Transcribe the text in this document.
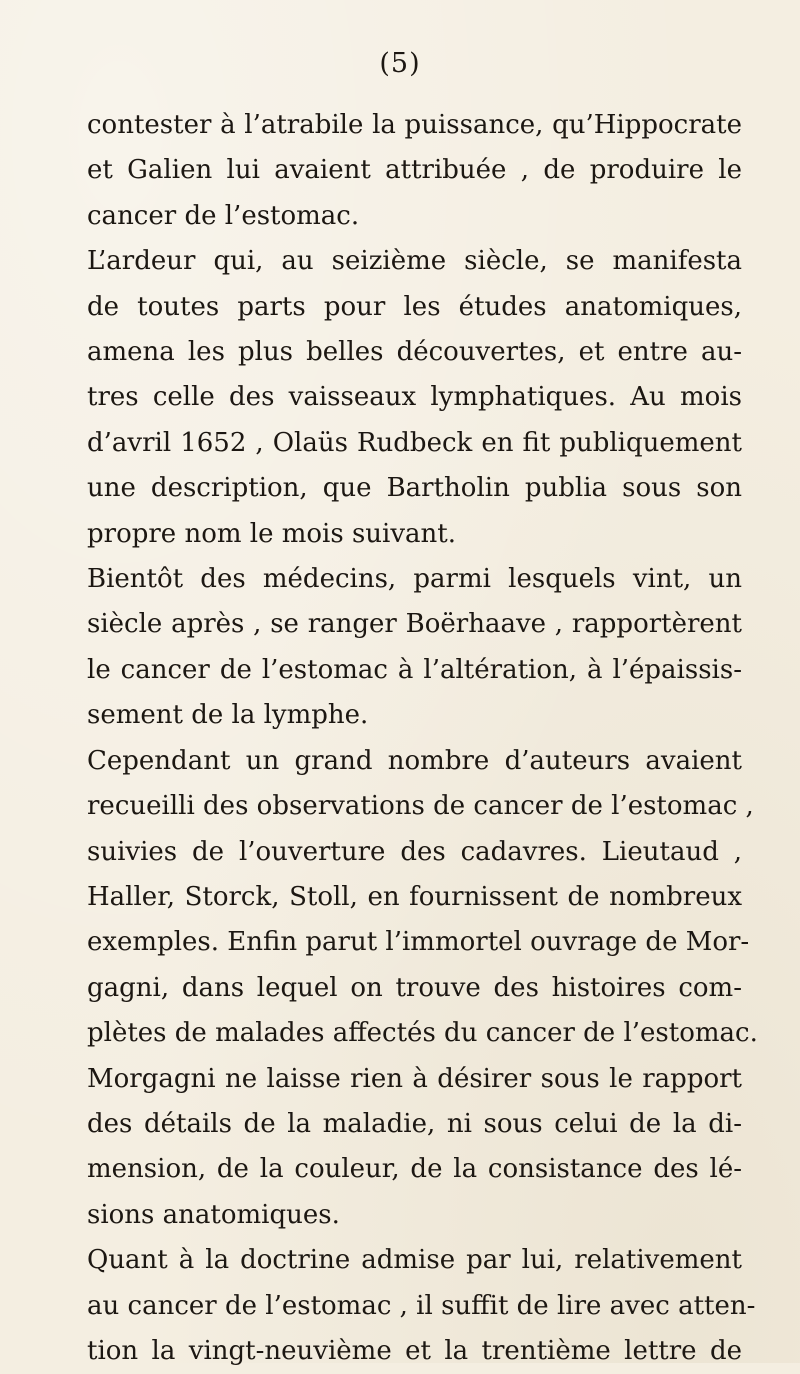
(5)
contester à l’atrabile la puissance, qu’Hippocrate
et Galien lui avaient attribuée , de produire le
cancer de l’estomac.
L’ardeur qui, au seizième siècle, se manifesta
de toutes parts pour les études anatomiques,
amena les plus belles découvertes, et entre au-
tres celle des vaisseaux lymphatiques. Au mois
d’avril 1652 , Olaüs Rudbeck en fit publiquement
une description, que Bartholin publia sous son
propre nom le mois suivant.
Bientôt des médecins, parmi lesquels vint, un
siècle après , se ranger Boërhaave , rapportèrent
le cancer de l’estomac à l’altération, à l’épaissis-
sement de la lymphe.
Cependant un grand nombre d’auteurs avaient
recueilli des observations de cancer de l’estomac ,
suivies de l’ouverture des cadavres. Lieutaud ,
Haller, Storck, Stoll, en fournissent de nombreux
exemples. Enfin parut l’immortel ouvrage de Mor-
gagni, dans lequel on trouve des histoires com-
plètes de malades affectés du cancer de l’estomac.
Morgagni ne laisse rien à désirer sous le rapport
des détails de la maladie, ni sous celui de la di-
mension, de la couleur, de la consistance des lé-
sions anatomiques.
Quant à la doctrine admise par lui, relativement
au cancer de l’estomac , il suffit de lire avec atten-
tion la vingt-neuvième et la trentième lettre de
